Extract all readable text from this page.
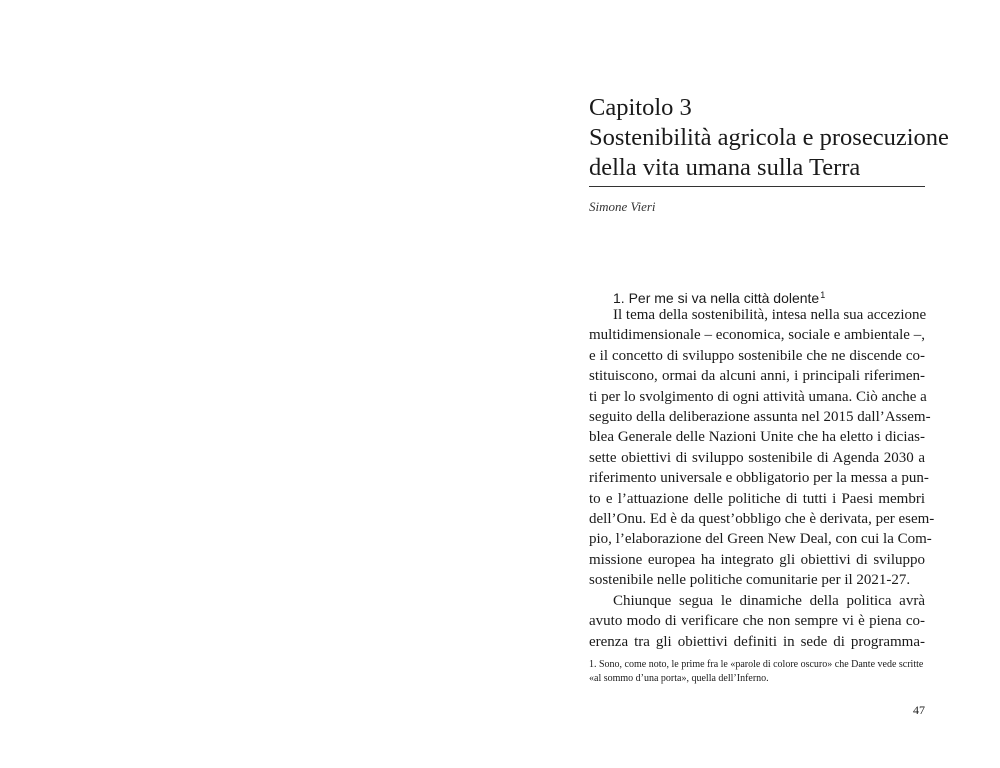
Capitolo 3
Sostenibilità agricola e prosecuzione
della vita umana sulla Terra
Simone Vieri
1. Per me si va nella città dolente$^1$
Il tema della sostenibilità, intesa nella sua accezione
multidimensionale – economica, sociale e ambientale –,
e il concetto di sviluppo sostenibile che ne discende co-
stituiscono, ormai da alcuni anni, i principali riferimen-
ti per lo svolgimento di ogni attività umana. Ciò anche a
seguito della deliberazione assunta nel 2015 dall’Assem-
blea Generale delle Nazioni Unite che ha eletto i dicias-
sette obiettivi di sviluppo sostenibile di Agenda 2030 a
riferimento universale e obbligatorio per la messa a pun-
to e l’attuazione delle politiche di tutti i Paesi membri
dell’Onu. Ed è da quest’obbligo che è derivata, per esem-
pio, l’elaborazione del Green New Deal, con cui la Com-
missione europea ha integrato gli obiettivi di sviluppo
sostenibile nelle politiche comunitarie per il 2021-27.
Chiunque segua le dinamiche della politica avrà
avuto modo di verificare che non sempre vi è piena co-
erenza tra gli obiettivi definiti in sede di programma-
1. Sono, come noto, le prime fra le «parole di colore oscuro» che Dante vede scritte
«al sommo d’una porta», quella dell’Inferno.
47
